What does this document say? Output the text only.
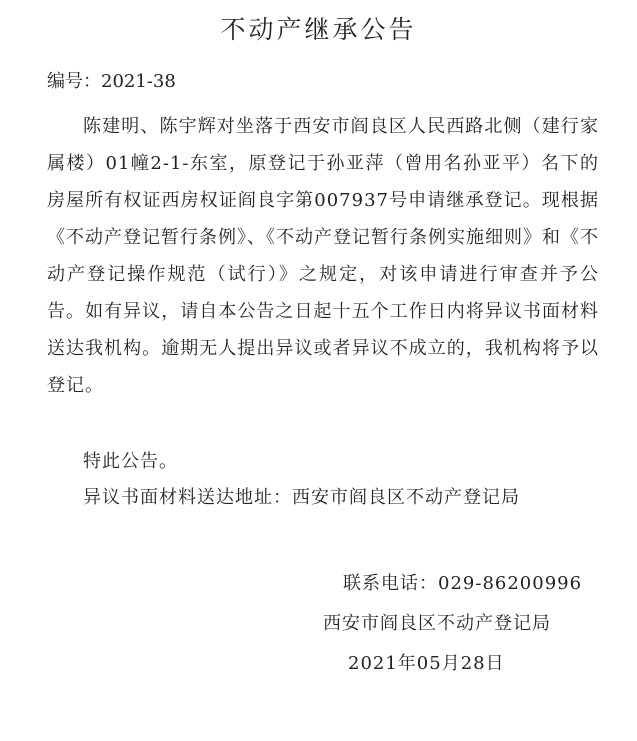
不动产继承公告
编号：2021-38

陈建明、陈宇辉对坐落于西安市阎良区人民西路北侧（建行家属楼）01幢2-1-东室，原登记于孙亚萍（曾用名孙亚平）名下的房屋所有权证西房权证阎良字第007937号申请继承登记。现根据《不动产登记暂行条例》、《不动产登记暂行条例实施细则》和《不动产登记操作规范（试行）》之规定，对该申请进行审查并予公告。如有异议，请自本公告之日起十五个工作日内将异议书面材料送达我机构。逾期无人提出异议或者异议不成立的，我机构将予以登记。

特此公告。
异议书面材料送达地址：西安市阎良区不动产登记局
联系电话：029-86200996
西安市阎良区不动产登记局
2021年05月28日
